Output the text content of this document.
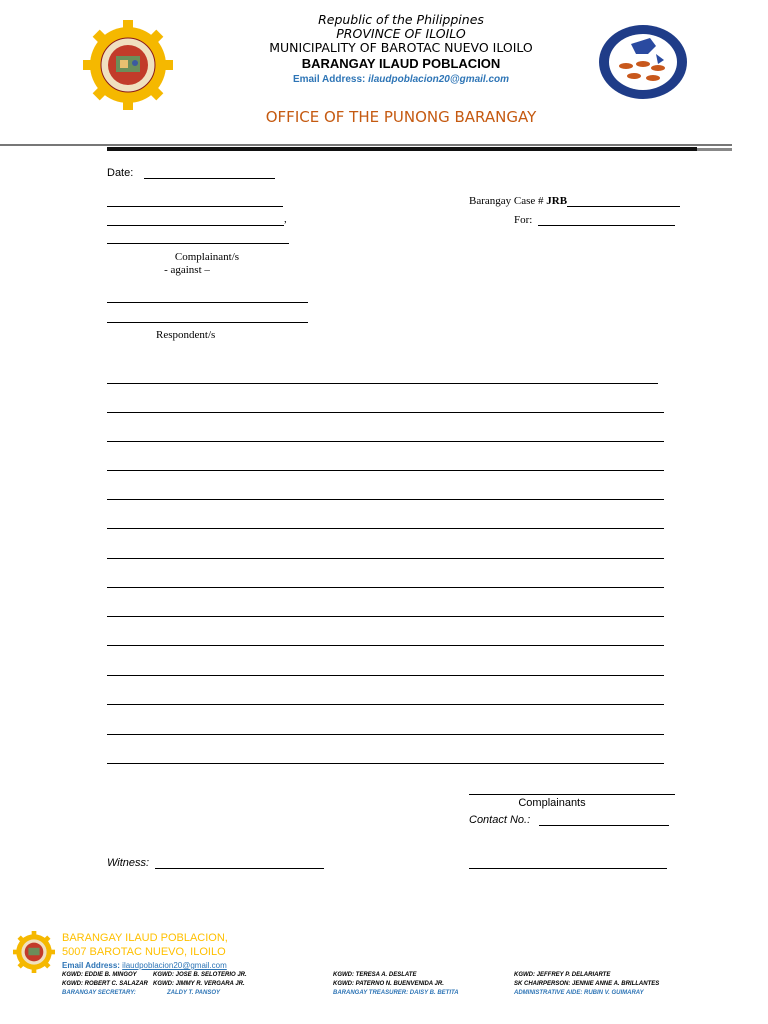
Republic of the Philippines
PROVINCE OF ILOILO
MUNICIPALITY OF BAROTAC NUEVO ILOILO
BARANGAY ILAUD POBLACION
Email Address: ilaudpoblacion20@gmail.com
OFFICE OF THE PUNONG BARANGAY
Date:
,
Complainant/s
- against –
Respondent/s
Barangay Case # JRB
For:
Complainants
Contact No.:
Witness:
BARANGAY ILAUD POBLACION,
5007 BAROTAC NUEVO, ILOILO
Email Address: ilaudpoblacion20@gmail.com
KGWD: EDDIE B. MINGOY
KGWD: ROBERT C. SALAZAR
BARANGAY SECRETARY:
KGWD: JOSE B. SELOTERIO JR.
KGWD: JIMMY R. VERGARA JR.
ZALDY T. PANSOY
KGWD: TERESA A. DESLATE
KGWD: PATERNO N. BUENVENIDA JR.
BARANGAY TREASURER: DAISY B. BETITA
KGWD: JEFFREY P. DELARIARTE
SK CHAIRPERSON: JENNIE ANNE A. BRILLANTES
ADMINISTRATIVE AIDE: RUBIN V. GUIMARAY
